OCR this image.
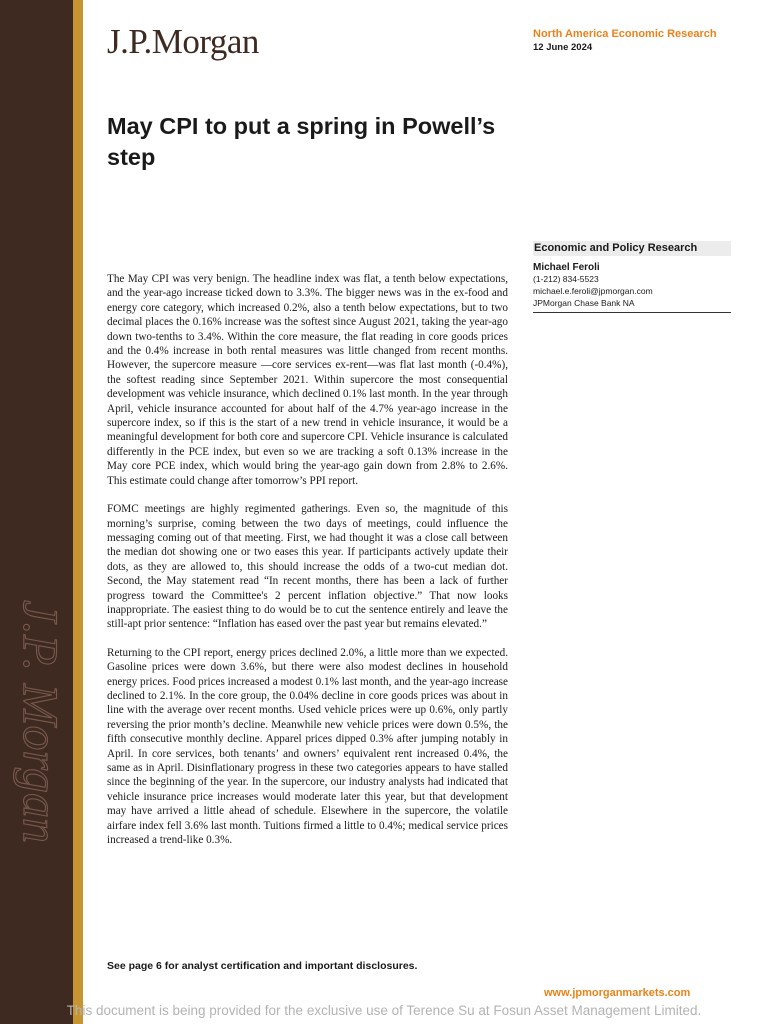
J.P. Morgan
J.P.Morgan	North America Economic Research
12 June 2024
May CPI to put a spring in Powell’s step
Economic and Policy Research
Michael Feroli
(1-212) 834-5523
michael.e.feroli@jpmorgan.com
JPMorgan Chase Bank NA

The May CPI was very benign. The headline index was flat, a tenth below expectations, and the year-ago increase ticked down to 3.3%. The bigger news was in the ex-food and energy core category, which increased 0.2%, also a tenth below expectations, but to two decimal places the 0.16% increase was the softest since August 2021, taking the year-ago down two-tenths to 3.4%. Within the core measure, the flat reading in core goods prices and the 0.4% increase in both rental measures was little changed from recent months. However, the supercore measure —core services ex-rent—was flat last month (-0.4%), the softest reading since September 2021. Within supercore the most consequential development was vehicle insurance, which declined 0.1% last month. In the year through April, vehicle insurance accounted for about half of the 4.7% year-ago increase in the supercore index, so if this is the start of a new trend in vehicle insurance, it would be a meaningful development for both core and supercore CPI. Vehicle insurance is calculated differently in the PCE index, but even so we are tracking a soft 0.13% increase in the May core PCE index, which would bring the year-ago gain down from 2.8% to 2.6%. This estimate could change after tomorrow’s PPI report.

FOMC meetings are highly regimented gatherings. Even so, the magnitude of this morning’s surprise, coming between the two days of meetings, could influence the messaging coming out of that meeting. First, we had thought it was a close call between the median dot showing one or two eases this year. If participants actively update their dots, as they are allowed to, this should increase the odds of a two-cut median dot. Second, the May statement read “In recent months, there has been a lack of further progress toward the Committee's 2 percent inflation objective.” That now looks inappropriate. The easiest thing to do would be to cut the sentence entirely and leave the still-apt prior sentence: “Inflation has eased over the past year but remains elevated.”

Returning to the CPI report, energy prices declined 2.0%, a little more than we expected. Gasoline prices were down 3.6%, but there were also modest declines in household energy prices. Food prices increased a modest 0.1% last month, and the year-ago increase declined to 2.1%. In the core group, the 0.04% decline in core goods prices was about in line with the average over recent months. Used vehicle prices were up 0.6%, only partly reversing the prior month’s decline. Meanwhile new vehicle prices were down 0.5%, the fifth consecutive monthly decline. Apparel prices dipped 0.3% after jumping notably in April. In core services, both tenants’ and owners’ equivalent rent increased 0.4%, the same as in April. Disinflationary progress in these two categories appears to have stalled since the beginning of the year. In the supercore, our industry analysts had indicated that vehicle insurance price increases would moderate later this year, but that development may have arrived a little ahead of schedule. Elsewhere in the supercore, the volatile airfare index fell 3.6% last month. Tuitions firmed a little to 0.4%; medical service prices increased a trend-like 0.3%.

See page 6 for analyst certification and important disclosures.
www.jpmorganmarkets.com
This document is being provided for the exclusive use of Terence Su at Fosun Asset Management Limited.
